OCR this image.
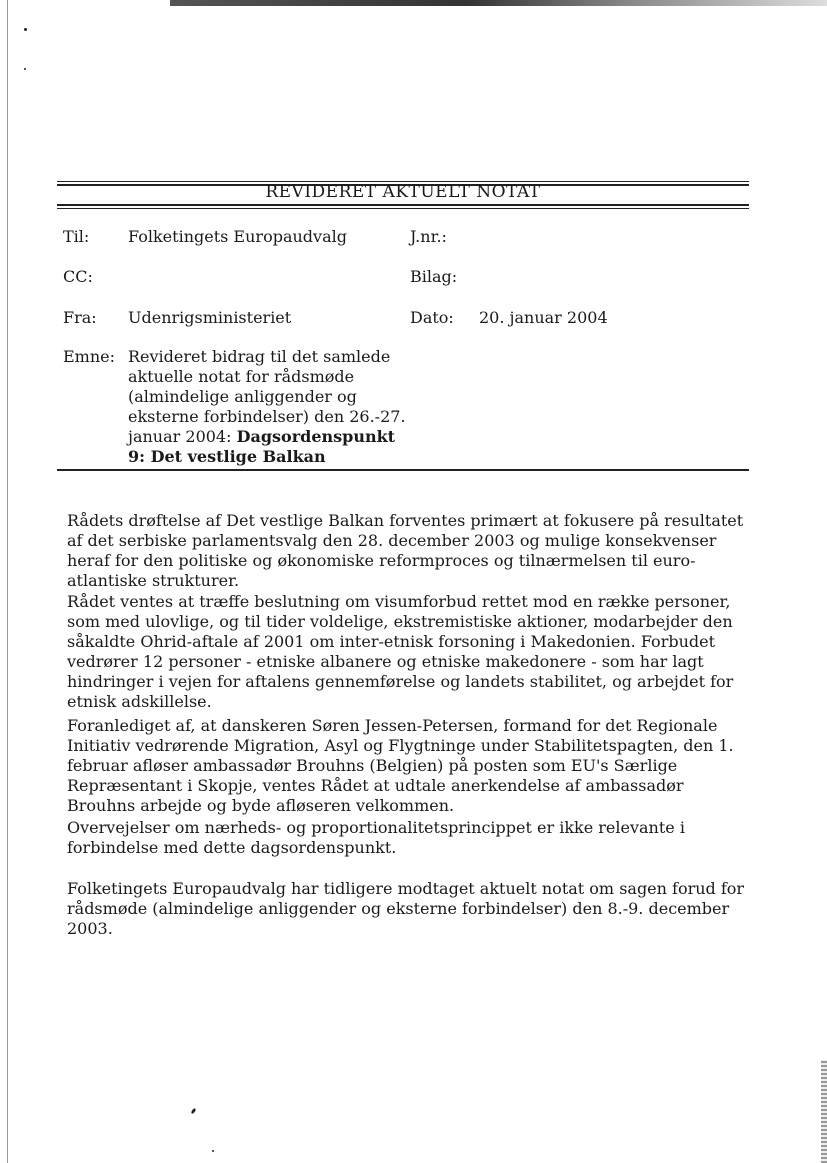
REVIDERET AKTUELT NOTAT
Til: Folketingets Europaudvalg	J.nr.:
CC:	Bilag:
Fra: Udenrigsministeriet	Dato: 20. januar 2004
Emne: Revideret bidrag til det samlede aktuelle notat for rådsmøde (almindelige anliggender og eksterne forbindelser) den 26.-27. januar 2004: Dagsordenspunkt 9: Det vestlige Balkan
Rådets drøftelse af Det vestlige Balkan forventes primært at fokusere på resultatet af det serbiske parlamentsvalg den 28. december 2003 og mulige konsekvenser heraf for den politiske og økonomiske reformproces og tilnærmelsen til euro-atlantiske strukturer.
Rådet ventes at træffe beslutning om visumforbud rettet mod en række personer, som med ulovlige, og til tider voldelige, ekstremistiske aktioner, modarbejder den såkaldte Ohrid-aftale af 2001 om inter-etnisk forsoning i Makedonien. Forbudet vedrører 12 personer - etniske albanere og etniske makedonere - som har lagt hindringer i vejen for aftalens gennemførelse og landets stabilitet, og arbejdet for etnisk adskillelse.
Foranlediget af, at danskeren Søren Jessen-Petersen, formand for det Regionale Initiativ vedrørende Migration, Asyl og Flygtninge under Stabilitetspagten, den 1. februar afløser ambassadør Brouhns (Belgien) på posten som EU's Særlige Repræsentant i Skopje, ventes Rådet at udtale anerkendelse af ambassadør Brouhns arbejde og byde afløseren velkommen.
Overvejelser om nærheds- og proportionalitetsprincippet er ikke relevante i forbindelse med dette dagsordenspunkt.
Folketingets Europaudvalg har tidligere modtaget aktuelt notat om sagen forud for rådsmøde (almindelige anliggender og eksterne forbindelser) den 8.-9. december 2003.
